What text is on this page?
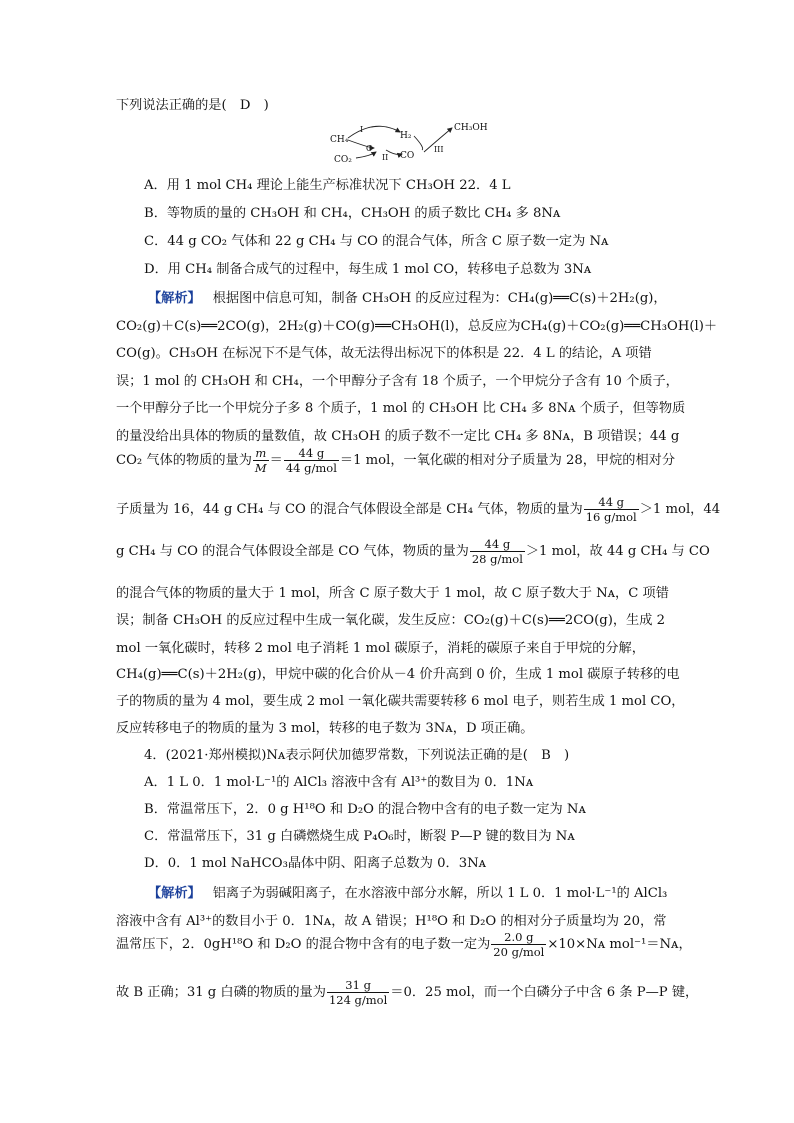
下列说法正确的是(　D　)
CH₄
I
H₂
C
CO₂	II CO
III
CH₃OH
A．用 1 mol CH₄ 理论上能生产标准状况下 CH₃OH 22．4 L
B．等物质的量的 CH₃OH 和 CH₄，CH₃OH 的质子数比 CH₄ 多 8Nᴀ
C．44 g CO₂ 气体和 22 g CH₄ 与 CO 的混合气体，所含 C 原子数一定为 Nᴀ
D．用 CH₄ 制备合成气的过程中，每生成 1 mol CO，转移电子总数为 3Nᴀ
【解析】 根据图中信息可知，制备 CH₃OH 的反应过程为：CH₄(g)══C(s)＋2H₂(g)，
CO₂(g)＋C(s)══2CO(g)，2H₂(g)＋CO(g)══CH₃OH(l)，总反应为CH₄(g)＋CO₂(g)══CH₃OH(l)＋
CO(g)。CH₃OH 在标况下不是气体，故无法得出标况下的体积是 22．4 L 的结论，A 项错
误；1 mol 的 CH₃OH 和 CH₄，一个甲醇分子含有 18 个质子，一个甲烷分子含有 10 个质子，
一个甲醇分子比一个甲烷分子多 8 个质子，1 mol 的 CH₃OH 比 CH₄ 多 8Nᴀ 个质子，但等物质
的量没给出具体的物质的量数值，故 CH₃OH 的质子数不一定比 CH₄ 多 8Nᴀ，B 项错误；44 g
CO₂ 气体的物质的量为 $\frac{m}{M} = \frac{44 g}{\text{44 g/mol}} =1$ mol，一氧化碳的相对分子质量为 28，甲烷的相对分
子质量为 16，44 g CH₄ 与 CO 的混合气体假设全部是 CH₄ 气体，物质的量为 $\frac{44 g}{\text{16 g/mol}} >1$ mol，44
g CH₄ 与 CO 的混合气体假设全部是 CO 气体，物质的量为 $\frac{44 g}{\text{28 g/mol}} >1$ mol，故 44 g CH₄ 与 CO
的混合气体的物质的量大于 1 mol，所含 C 原子数大于 1 mol，故 C 原子数大于 Nᴀ，C 项错
误；制备 CH₃OH 的反应过程中生成一氧化碳，发生反应：CO₂(g)＋C(s)══2CO(g)，生成 2
mol 一氧化碳时，转移 2 mol 电子消耗 1 mol 碳原子，消耗的碳原子来自于甲烷的分解，
CH₄(g)══C(s)＋2H₂(g)，甲烷中碳的化合价从－4 价升高到 0 价，生成 1 mol 碳原子转移的电
子的物质的量为 4 mol，要生成 2 mol 一氧化碳共需要转移 6 mol 电子，则若生成 1 mol CO，
反应转移电子的物质的量为 3 mol，转移的电子数为 3Nᴀ，D 项正确。
4．(2021·郑州模拟)Nᴀ表示阿伏加德罗常数，下列说法正确的是(　B　)
A．1 L 0．1 mol·L⁻¹的 AlCl₃ 溶液中含有 Al³⁺的数目为 0．1Nᴀ
B．常温常压下，2．0 g H¹⁸O 和 D₂O 的混合物中含有的电子数一定为 Nᴀ
C．常温常压下，31 g 白磷燃烧生成 P₄O₆时，断裂 P—P 键的数目为 Nᴀ
D．0．1 mol NaHCO₃晶体中阴、阳离子总数为 0．3Nᴀ
【解析】 铝离子为弱碱阳离子，在水溶液中部分水解，所以 1 L 0．1 mol·L⁻¹的 AlCl₃
溶液中含有 Al³⁺的数目小于 0．1Nᴀ，故 A 错误；H¹⁸O 和 D₂O 的相对分子质量均为 20，常
温常压下，2．0gH¹⁸O 和 D₂O 的混合物中含有的电子数一定为 $\frac{2.0 g}{\text{20 g/mol}}$ ×10×Nᴀ mol⁻¹＝Nᴀ，
故 B 正确；31 g 白磷的物质的量为 $\frac{31 g}{\text{124 g/mol}} =0$．25 mol，而一个白磷分子中含 6 条 P—P 键，
